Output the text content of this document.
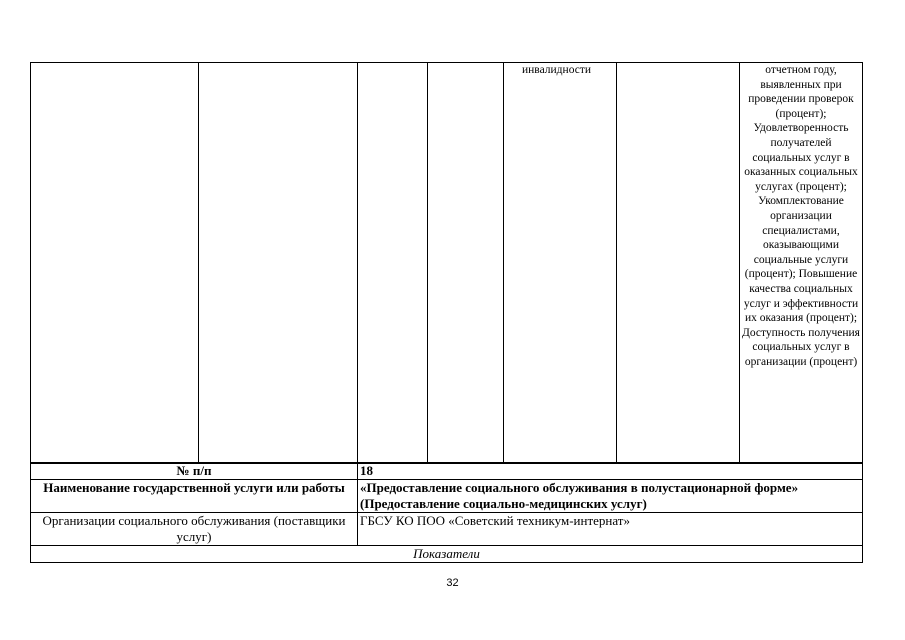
				инвалидности		отчетном году, выявленных при проведении проверок (процент); Удовлетворенность получателей социальных услуг в оказанных социальных услугах (процент); Укомплектование организации специалистами, оказывающими социальные услуги (процент); Повышение качества социальных услуг и эффективности их оказания (процент); Доступность получения социальных услуг в организации (процент)
№ п/п	18
Наименование государственной услуги или работы	«Предоставление социального обслуживания в полустационарной форме» (Предоставление социально-медицинских услуг)
Организации социального обслуживания (поставщики услуг)	ГБСУ КО ПОО «Советский техникум-интернат»
Показатели	
32
